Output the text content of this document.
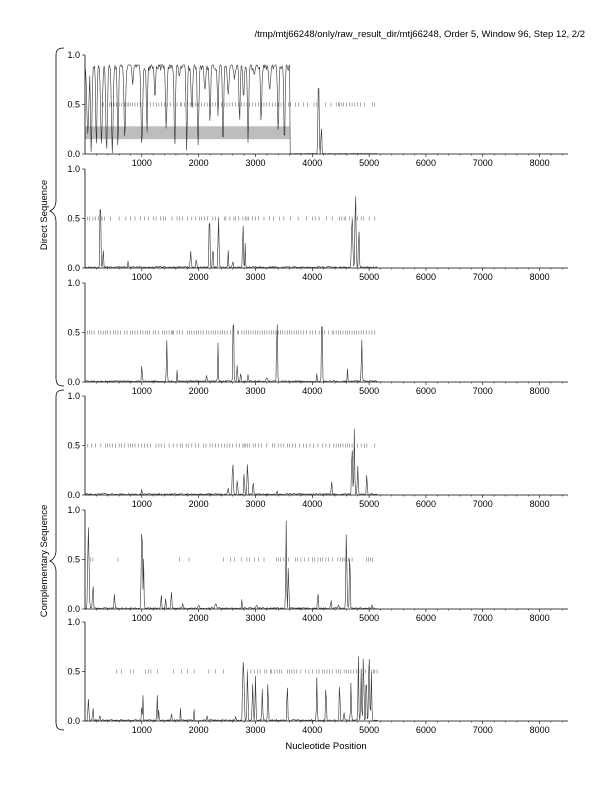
/tmp/mtj66248/only/raw_result_dir/mtj66248, Order 5, Window 96, Step 12, 2/2
1000	2000	3000	4000	5000	6000	7000	8000
0.0
0.5
1.0
1000	2000	3000	4000	5000	6000	7000	8000
0.0
0.5
1.0
1000	2000	3000	4000	5000	6000	7000	8000
0.0
0.5
1.0
1000	2000	3000	4000	5000	6000	7000	8000
0.0
0.5
1.0
1000	2000	3000	4000	5000	6000	7000	8000
0.0
0.5
1.0
1000	2000	3000	4000	5000	6000	7000	8000
0.0
0.5
1.0
Direct Sequence
Complementary Sequence
Nucleotide Position
